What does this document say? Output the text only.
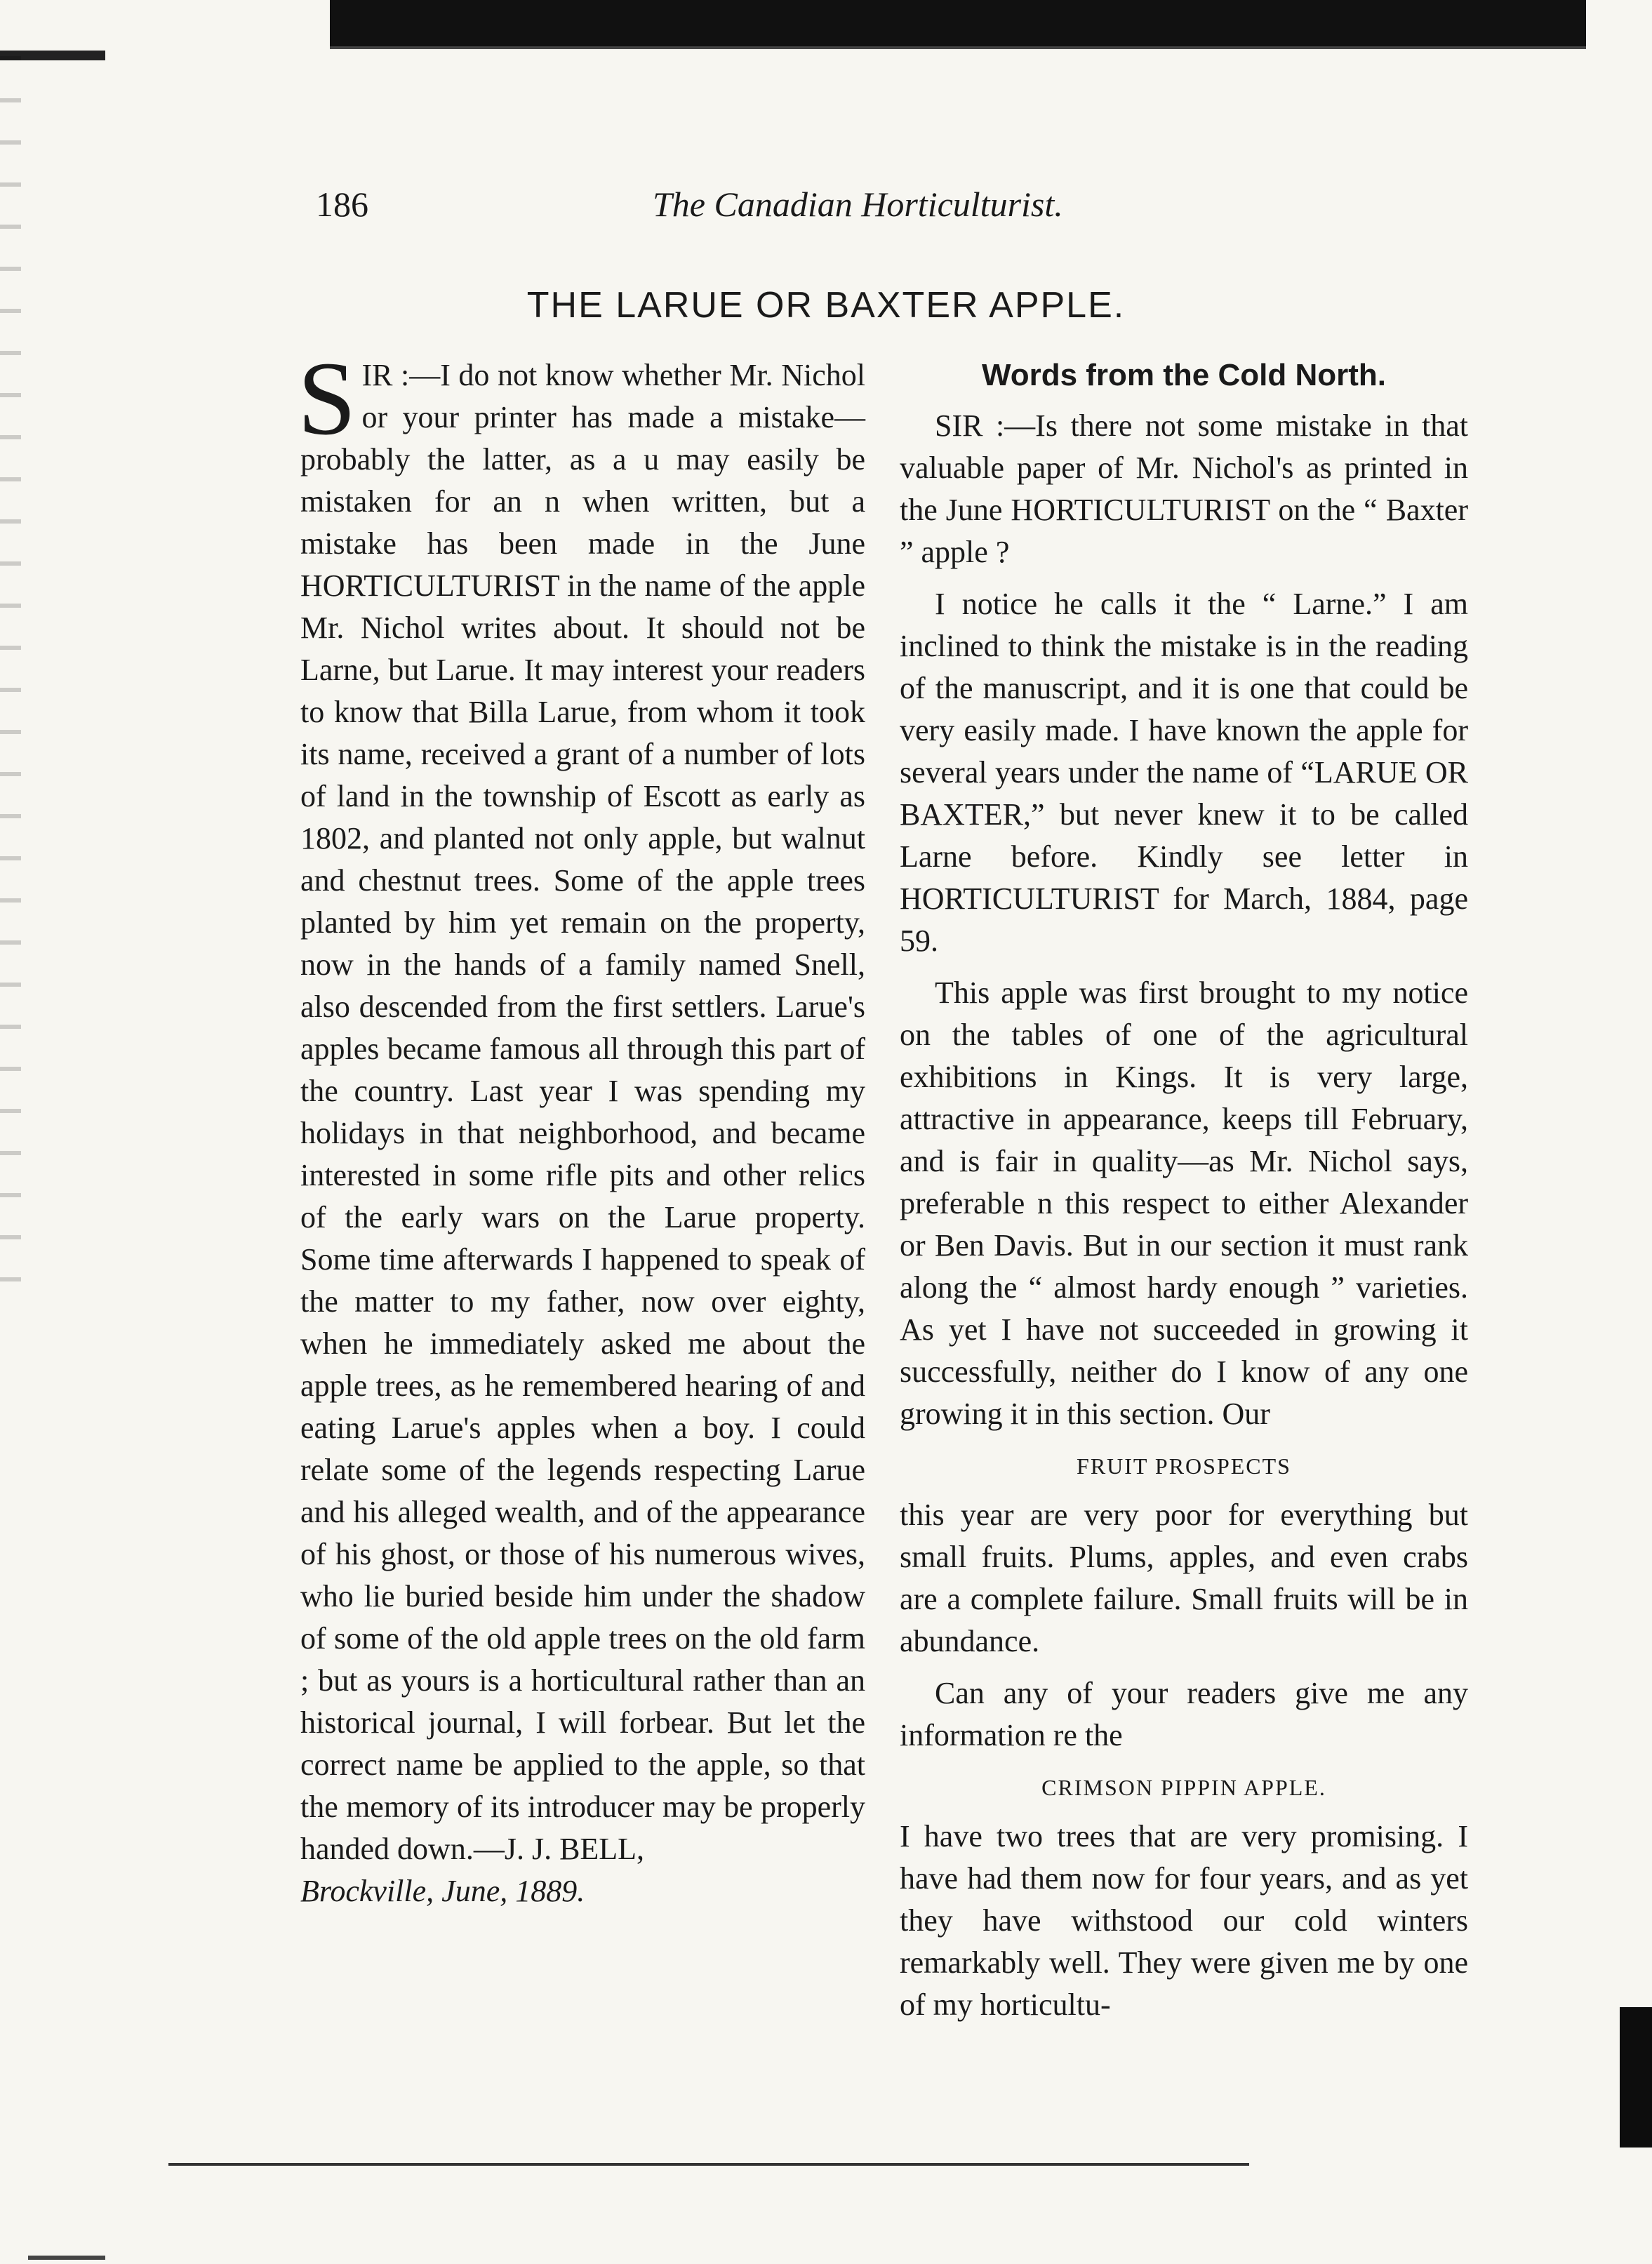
186	The Canadian Horticulturist.
THE LARUE OR BAXTER APPLE.

SIR :—I do not know whether Mr. Nichol or your printer has made a mistake—probably the latter, as a u may easily be mistaken for an n when written, but a mistake has been made in the June HORTICULTURIST in the name of the apple Mr. Nichol writes about. It should not be Larne, but Larue. It may interest your readers to know that Billa Larue, from whom it took its name, received a grant of a number of lots of land in the township of Escott as early as 1802, and planted not only apple, but walnut and chestnut trees. Some of the apple trees planted by him yet remain on the property, now in the hands of a family named Snell, also descended from the first settlers. Larue's apples became famous all through this part of the country. Last year I was spending my holidays in that neighborhood, and became interested in some rifle pits and other relics of the early wars on the Larue property. Some time afterwards I happened to speak of the matter to my father, now over eighty, when he immediately asked me about the apple trees, as he remembered hearing of and eating Larue's apples when a boy. I could relate some of the legends respecting Larue and his alleged wealth, and of the appearance of his ghost, or those of his numerous wives, who lie buried beside him under the shadow of some of the old apple trees on the old farm ; but as yours is a horticultural rather than an historical journal, I will forbear. But let the correct name be applied to the apple, so that the memory of its introducer may be properly handed down.—J. J. BELL,
Brockville, June, 1889.

Words from the Cold North.

SIR :—Is there not some mistake in that valuable paper of Mr. Nichol's as printed in the June HORTICULTURIST on the “ Baxter ” apple ?

I notice he calls it the “ Larne.” I am inclined to think the mistake is in the reading of the manuscript, and it is one that could be very easily made. I have known the apple for several years under the name of “LARUE OR BAXTER,” but never knew it to be called Larne before. Kindly see letter in HORTICULTURIST for March, 1884, page 59.

This apple was first brought to my notice on the tables of one of the agricultural exhibitions in Kings. It is very large, attractive in appearance, keeps till February, and is fair in quality—as Mr. Nichol says, preferable n this respect to either Alexander or Ben Davis. But in our section it must rank along the “ almost hardy enough ” varieties. As yet I have not succeeded in growing it successfully, neither do I know of any one growing it in this section. Our

FRUIT PROSPECTS

this year are very poor for everything but small fruits. Plums, apples, and even crabs are a complete failure. Small fruits will be in abundance.

Can any of your readers give me any information re the

CRIMSON PIPPIN APPLE.

I have two trees that are very promising. I have had them now for four years, and as yet they have withstood our cold winters remarkably well. They were given me by one of my horticultu-
